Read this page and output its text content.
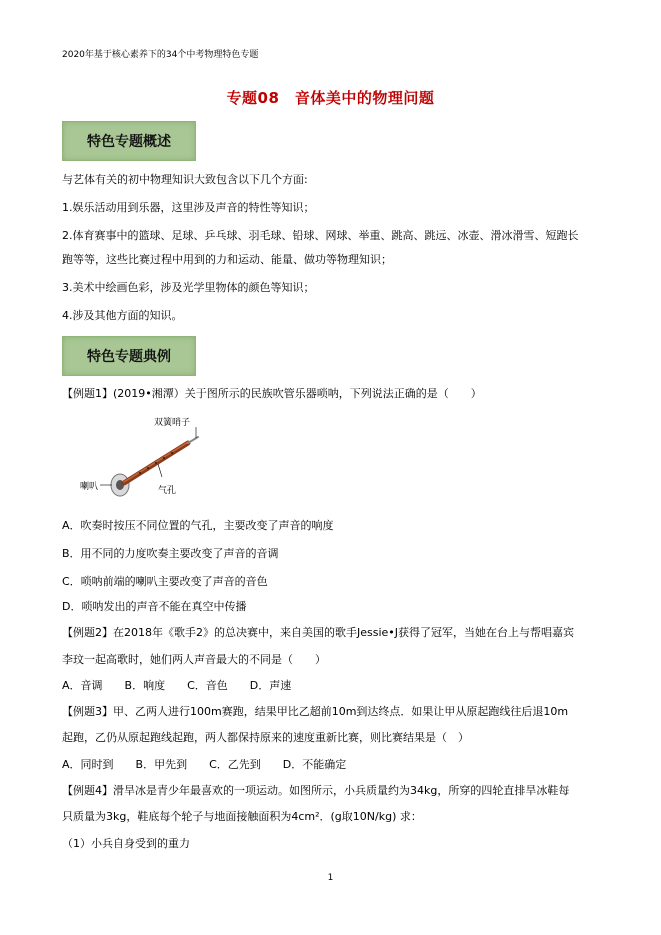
2020年基于核心素养下的34个中考物理特色专题
专题08　音体美中的物理问题
特色专题概述
与艺体有关的初中物理知识大致包含以下几个方面:
1.娱乐活动用到乐器，这里涉及声音的特性等知识；
2.体育赛事中的篮球、足球、乒乓球、羽毛球、铅球、网球、举重、跳高、跳远、冰壶、滑冰滑雪、短跑长
跑等等，这些比赛过程中用到的力和运动、能量、做功等物理知识；
3.美术中绘画色彩，涉及光学里物体的颜色等知识；
4.涉及其他方面的知识。
特色专题典例
【例题1】(2019•湘潭）关于图所示的民族吹管乐器唢呐，下列说法正确的是（　　）
双簧哨子
喇叭	气孔
A．吹奏时按压不同位置的气孔，主要改变了声音的响度
B．用不同的力度吹奏主要改变了声音的音调
C．唢呐前端的喇叭主要改变了声音的音色
D．唢呐发出的声音不能在真空中传播
【例题2】在2018年《歌手2》的总决赛中，来自美国的歌手Jessie•J获得了冠军，当她在台上与帮唱嘉宾
李玟一起高歌时，她们两人声音最大的不同是（　　）
A．音调　　B．响度　　C．音色　　D．声速
【例题3】甲、乙两人进行100m赛跑，结果甲比乙超前10m到达终点．如果让甲从原起跑线往后退10m
起跑，乙仍从原起跑线起跑，两人都保持原来的速度重新比赛，则比赛结果是（　）
A．同时到　　B．甲先到　　C．乙先到　　D．不能确定
【例题4】滑旱冰是青少年最喜欢的一项运动。如图所示，小兵质量约为34kg，所穿的四轮直排旱冰鞋每
只质量为3kg，鞋底每个轮子与地面接触面积为4cm²．(g取10N/kg) 求：
（1）小兵自身受到的重力
1
